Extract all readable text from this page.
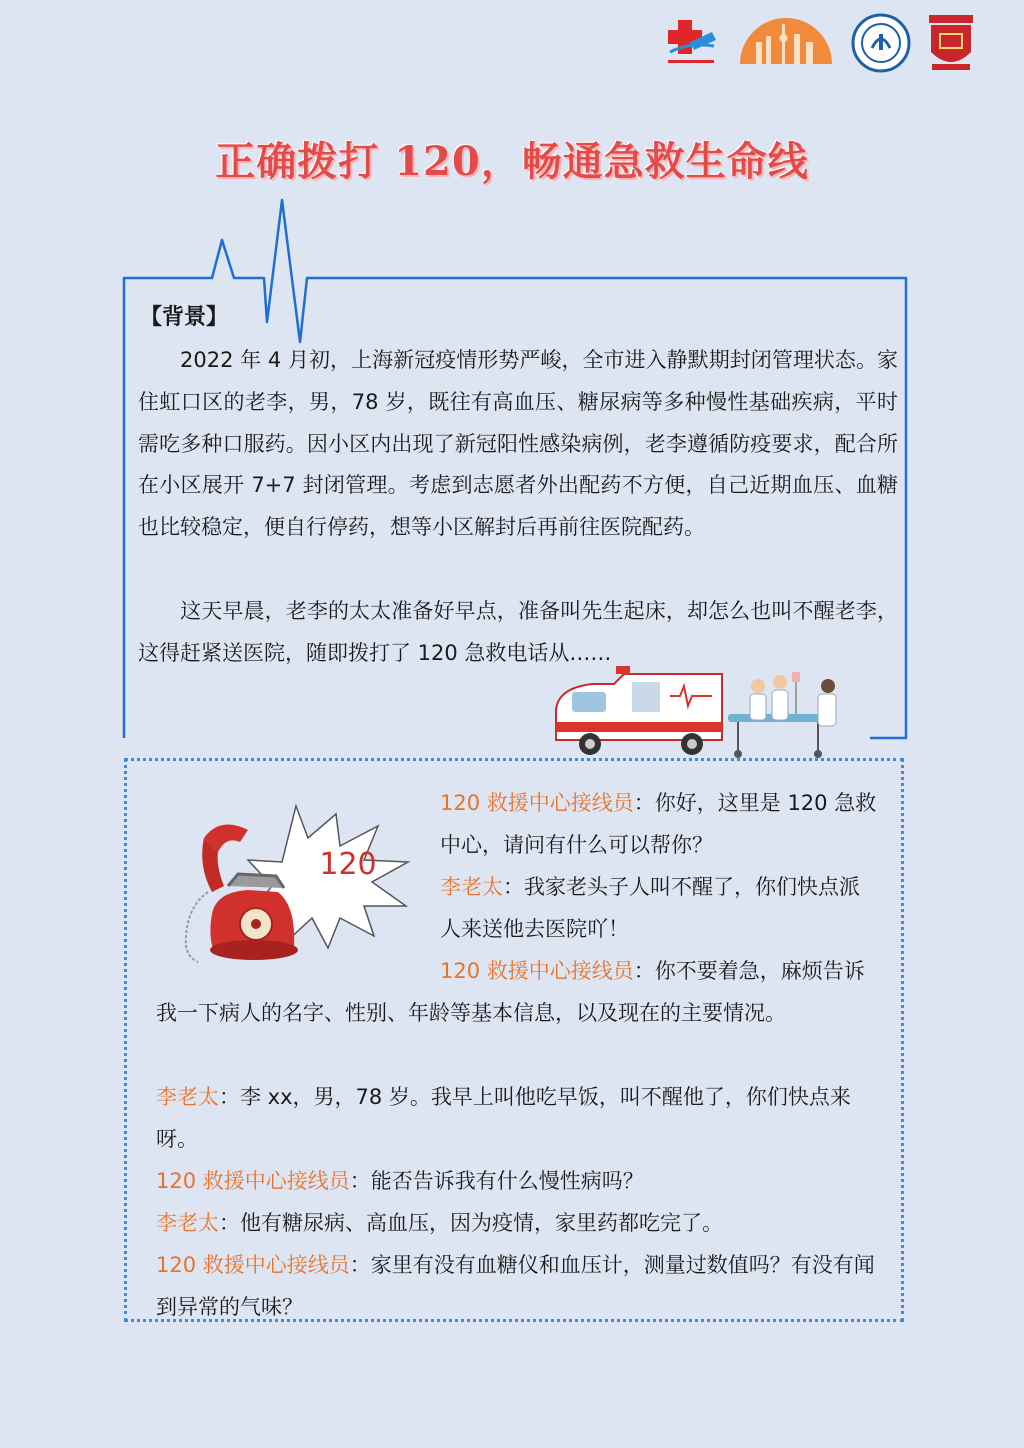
正确拨打 120，畅通急救生命线
【背景】
2022 年 4 月初，上海新冠疫情形势严峻，全市进入静默期封闭管理状态。家住虹口区的老李，男，78 岁，既往有高血压、糖尿病等多种慢性基础疾病，平时需吃多种口服药。因小区内出现了新冠阳性感染病例，老李遵循防疫要求，配合所在小区展开 7+7 封闭管理。考虑到志愿者外出配药不方便，自己近期血压、血糖也比较稳定，便自行停药，想等小区解封后再前往医院配药。
这天早晨，老李的太太准备好早点，准备叫先生起床，却怎么也叫不醒老李，这得赶紧送医院，随即拨打了 120 急救电话从……
120
120 救援中心接线员：你好，这里是 120 急救中心，请问有什么可以帮你？
李老太：我家老头子人叫不醒了，你们快点派人来送他去医院吖！
120 救援中心接线员：你不要着急，麻烦告诉我一下病人的名字、性别、年龄等基本信息，以及现在的主要情况。
李老太：李 xx，男，78 岁。我早上叫他吃早饭，叫不醒他了，你们快点来呀。
120 救援中心接线员：能否告诉我有什么慢性病吗？
李老太：他有糖尿病、高血压，因为疫情，家里药都吃完了。
120 救援中心接线员：家里有没有血糖仪和血压计，测量过数值吗？有没有闻到异常的气味？
